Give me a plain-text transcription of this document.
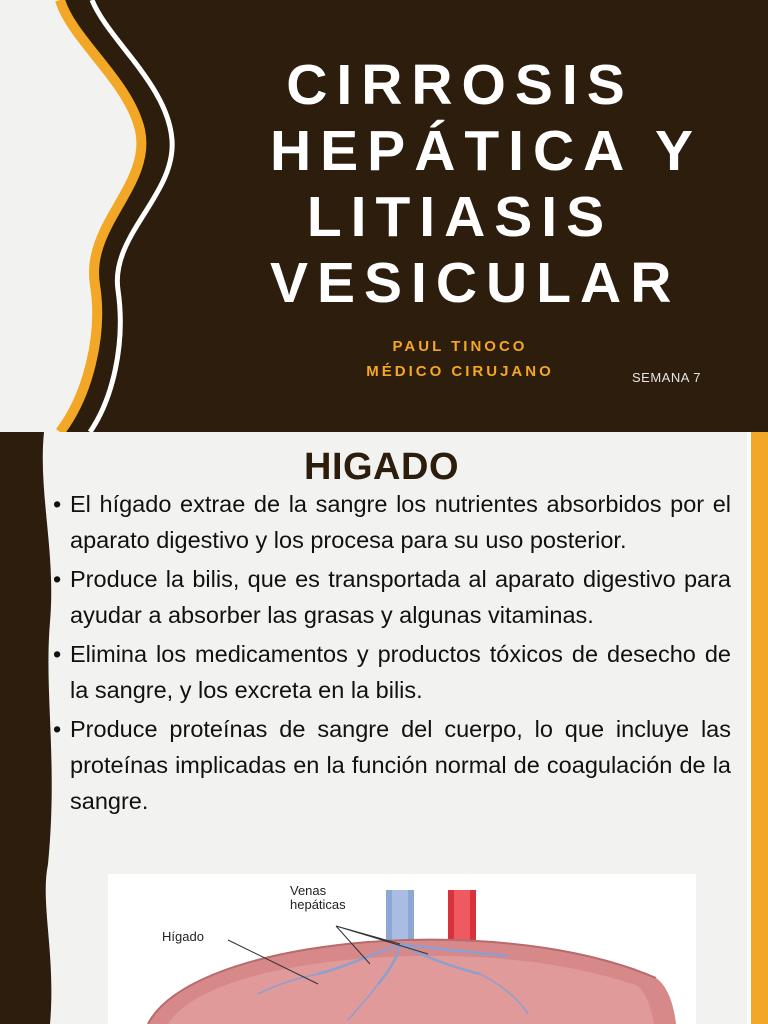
CIRROSIS
HEPÁTICA Y
LITIASIS
VESICULAR
PAUL TINOCO
MÉDICO CIRUJANO	SEMANA 7
HIGADO
• El hígado extrae de la sangre los nutrientes absorbidos por el aparato digestivo y los procesa para su uso posterior.
• Produce la bilis, que es transportada al aparato digestivo para ayudar a absorber las grasas y algunas vitaminas.
• Elimina los medicamentos y productos tóxicos de desecho de la sangre, y los excreta en la bilis.
• Produce proteínas de sangre del cuerpo, lo que incluye las proteínas implicadas en la función normal de coagulación de la sangre.
Venas
hepáticas
Hígado
